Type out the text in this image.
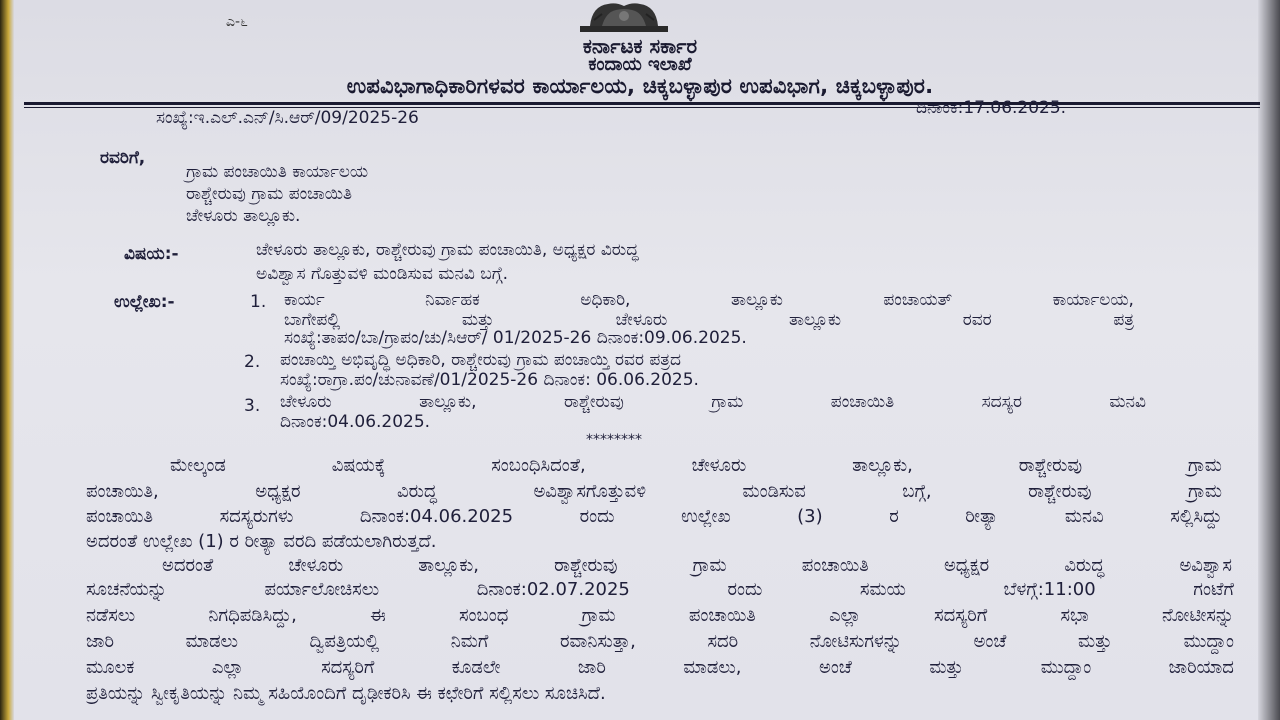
ಎ-೬
ಕರ್ನಾಟಕ ಸರ್ಕಾರ
ಕಂದಾಯ ಇಲಾಖೆ
ಉಪವಿಭಾಗಾಧಿಕಾರಿಗಳವರ ಕಾರ್ಯಾಲಯ, ಚಿಕ್ಕಬಳ್ಳಾಪುರ ಉಪವಿಭಾಗ, ಚಿಕ್ಕಬಳ್ಳಾಪುರ.
ಸಂಖ್ಯೆ:ಇ.ಎಲ್.ಎನ್/ಸಿ.ಆರ್/09/2025-26	ದಿನಾಂಕ:17.06.2025.
ರವರಿಗೆ,
ಗ್ರಾಮ ಪಂಚಾಯಿತಿ ಕಾರ್ಯಾಲಯ
ರಾಶ್ಚೇರುವು ಗ್ರಾಮ ಪಂಚಾಯಿತಿ
ಚೇಳೂರು ತಾಲ್ಲೂಕು.
ವಿಷಯ:-	ಚೇಳೂರು ತಾಲ್ಲೂಕು, ರಾಶ್ಚೇರುವು ಗ್ರಾಮ ಪಂಚಾಯಿತಿ, ಅಧ್ಯಕ್ಷರ ವಿರುದ್ಧ
ಅವಿಶ್ವಾಸ ಗೊತ್ತುವಳಿ ಮಂಡಿಸುವ ಮನವಿ ಬಗ್ಗೆ.
ಉಲ್ಲೇಖ:-	1. ಕಾರ್ಯ	ನಿರ್ವಾಹಕ	ಅಧಿಕಾರಿ,	ತಾಲ್ಲೂಕು	ಪಂಚಾಯತ್	ಕಾರ್ಯಾಲಯ,
ಬಾಗೇಪಲ್ಲಿ	ಮತ್ತು	ಚೇಳೂರು	ತಾಲ್ಲೂಕು	ರವರ	ಪತ್ರ
ಸಂಖ್ಯೆ:ತಾಪಂ/ಬಾ/ಗ್ರಾಪಂ/ಚು/ಸಿಆರ್/ 01/2025-26 ದಿನಾಂಕ:09.06.2025.
2. ಪಂಚಾಯ್ತಿ ಅಭಿವೃದ್ಧಿ ಅಧಿಕಾರಿ, ರಾಶ್ಚೇರುವು ಗ್ರಾಮ ಪಂಚಾಯ್ತಿ ರವರ ಪತ್ರದ
ಸಂಖ್ಯೆ:ರಾಗ್ರಾ.ಪಂ/ಚುನಾವಣೆ/01/2025-26 ದಿನಾಂಕ: 06.06.2025.
3. ಚೇಳೂರು	ತಾಲ್ಲೂಕು,	ರಾಶ್ಚೇರುವು	ಗ್ರಾಮ	ಪಂಚಾಯಿತಿ	ಸದಸ್ಯರ	ಮನವಿ
ದಿನಾಂಕ:04.06.2025.
********
ಮೇಲ್ಕಂಡ	ವಿಷಯಕ್ಕೆ	ಸಂಬಂಧಿಸಿದಂತೆ,	ಚೇಳೂರು	ತಾಲ್ಲೂಕು,	ರಾಶ್ಚೇರುವು	ಗ್ರಾಮ
ಪಂಚಾಯಿತಿ,	ಅಧ್ಯಕ್ಷರ	ವಿರುದ್ಧ	ಅವಿಶ್ವಾಸಗೊತ್ತುವಳಿ	ಮಂಡಿಸುವ	ಬಗ್ಗೆ,	ರಾಶ್ಚೇರುವು	ಗ್ರಾಮ
ಪಂಚಾಯಿತಿ	ಸದಸ್ಯರುಗಳು	ದಿನಾಂಕ:04.06.2025	ರಂದು	ಉಲ್ಲೇಖ	(3)	ರ	ರೀತ್ಯಾ	ಮನವಿ	ಸಲ್ಲಿಸಿದ್ದು
ಅದರಂತೆ ಉಲ್ಲೇಖ (1) ರ ರೀತ್ಯಾ ವರದಿ ಪಡೆಯಲಾಗಿರುತ್ತದೆ.
ಅದರಂತೆ	ಚೇಳೂರು	ತಾಲ್ಲೂಕು,	ರಾಶ್ಚೇರುವು	ಗ್ರಾಮ	ಪಂಚಾಯಿತಿ	ಅಧ್ಯಕ್ಷರ	ವಿರುದ್ಧ	ಅವಿಶ್ವಾಸ
ಸೂಚನೆಯನ್ನು	ಪರ್ಯಾಲೋಚಿಸಲು	ದಿನಾಂಕ:02.07.2025	ರಂದು	ಸಮಯ	ಬೆಳಗ್ಗೆ:11:00	ಗಂಟೆಗೆ
ನಡೆಸಲು	ನಿಗಧಿಪಡಿಸಿದ್ದು,	ಈ	ಸಂಬಂಧ	ಗ್ರಾಮ	ಪಂಚಾಯಿತಿ	ಎಲ್ಲಾ	ಸದಸ್ಯರಿಗೆ	ಸಭಾ	ನೋಟೀಸನ್ನು
ಜಾರಿ	ಮಾಡಲು	ದ್ವಿಪತ್ರಿಯಲ್ಲಿ	ನಿಮಗೆ	ರವಾನಿಸುತ್ತಾ,	ಸದರಿ	ನೋಟಿಸುಗಳನ್ನು	ಅಂಚೆ	ಮತ್ತು	ಮುದ್ದಾಂ
ಮೂಲಕ	ಎಲ್ಲಾ	ಸದಸ್ಯರಿಗೆ	ಕೂಡಲೇ	ಜಾರಿ	ಮಾಡಲು,	ಅಂಚೆ	ಮತ್ತು	ಮುದ್ದಾಂ	ಜಾರಿಯಾದ
ಪ್ರತಿಯನ್ನು ಸ್ವೀಕೃತಿಯನ್ನು ನಿಮ್ಮ ಸಹಿಯೊಂದಿಗೆ ದೃಢೀಕರಿಸಿ ಈ ಕಛೇರಿಗೆ ಸಲ್ಲಿಸಲು ಸೂಚಿಸಿದೆ.
